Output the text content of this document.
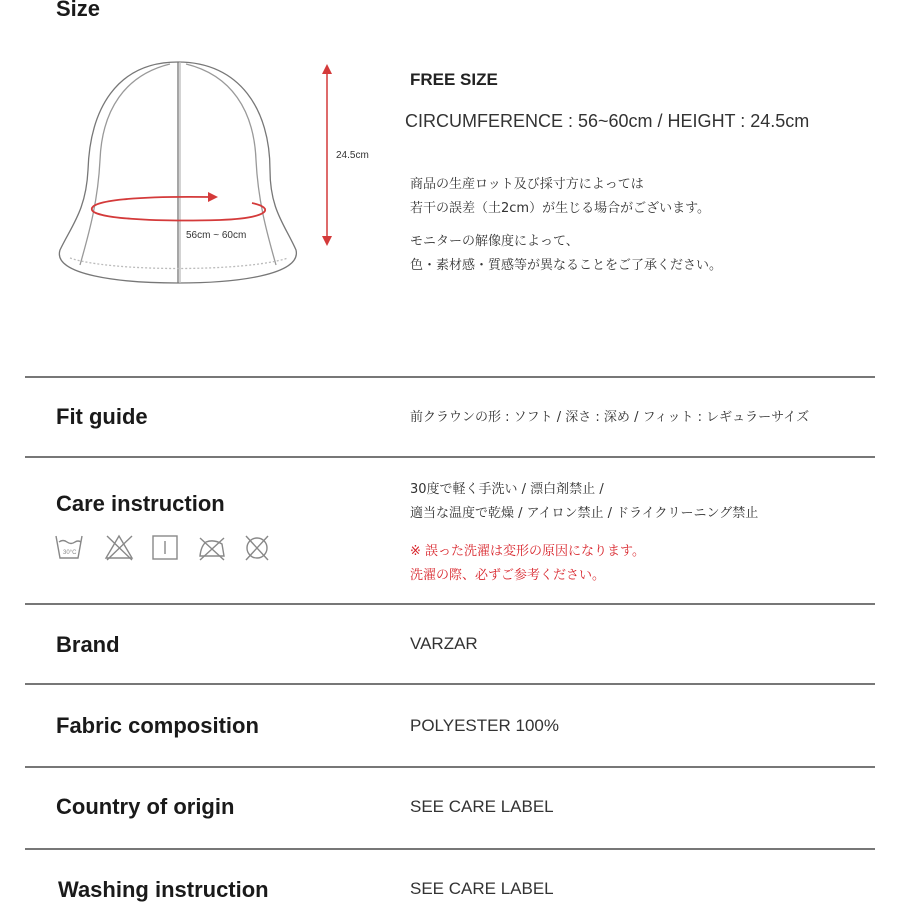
Size
24.5cm
56cm ~ 60cm
FREE SIZE
CIRCUMFERENCE : 56~60cm / HEIGHT : 24.5cm
商品の生産ロット及び採寸方によっては
若干の誤差（土2cm）が生じる場合がございます。
モニターの解像度によって、
色・素材感・質感等が異なることをご了承ください。
Fit guide	前クラウンの形 : ソフト / 深さ : 深め / フィット : レギュラーサイズ
Care instruction
30度で軽く手洗い / 漂白剤禁止 /
適当な温度で乾燥 / アイロン禁止 / ドライクリーニング禁止
※ 誤った洗濯は変形の原因になります。
洗濯の際、必ずご参考ください。
30°C
Brand	VARZAR
Fabric composition	POLYESTER 100%
Country of origin	SEE CARE LABEL
Washing instruction	SEE CARE LABEL
